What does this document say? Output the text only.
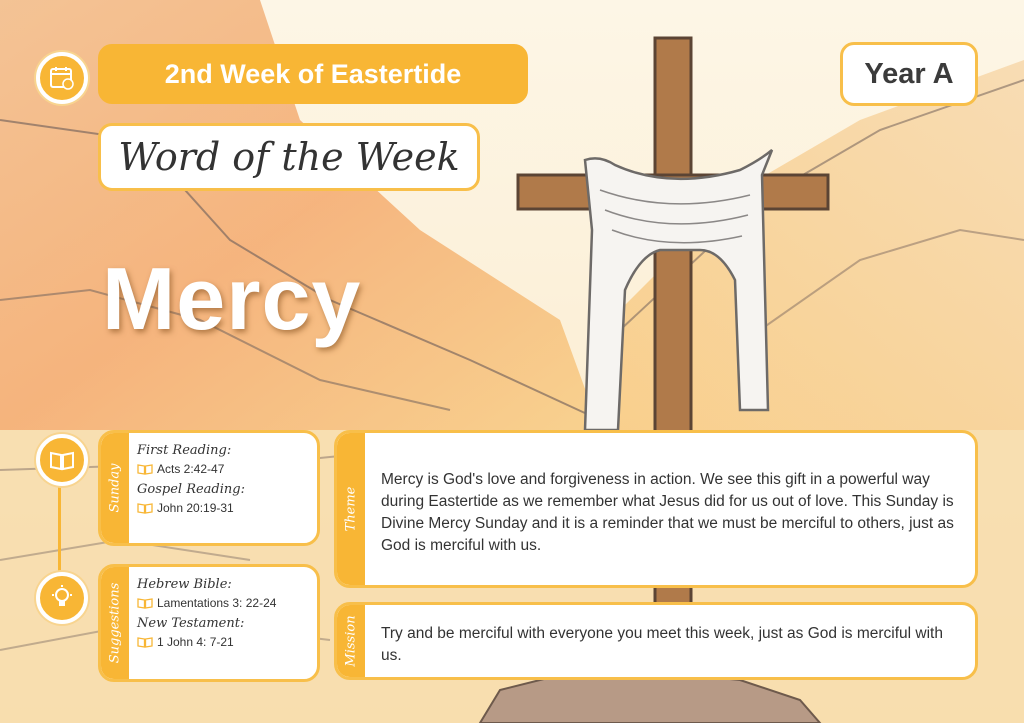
2nd Week of Eastertide	Year A
Word of the Week
Mercy
Sunday
First Reading:
Acts 2:42-47
Gospel Reading:
John 20:19-31
Suggestions Hebrew Bible:
Lamentations 3: 22-24
New Testament:
1 John 4: 7-21
Theme
Mercy is God's love and forgiveness in action. We see this gift in a powerful way during Eastertide as we remember what Jesus did for us out of love. This Sunday is Divine Mercy Sunday and it is a reminder that we must be merciful to others, just as God is merciful with us.
Mission Try and be merciful with everyone you meet this week, just as God is merciful with us.
